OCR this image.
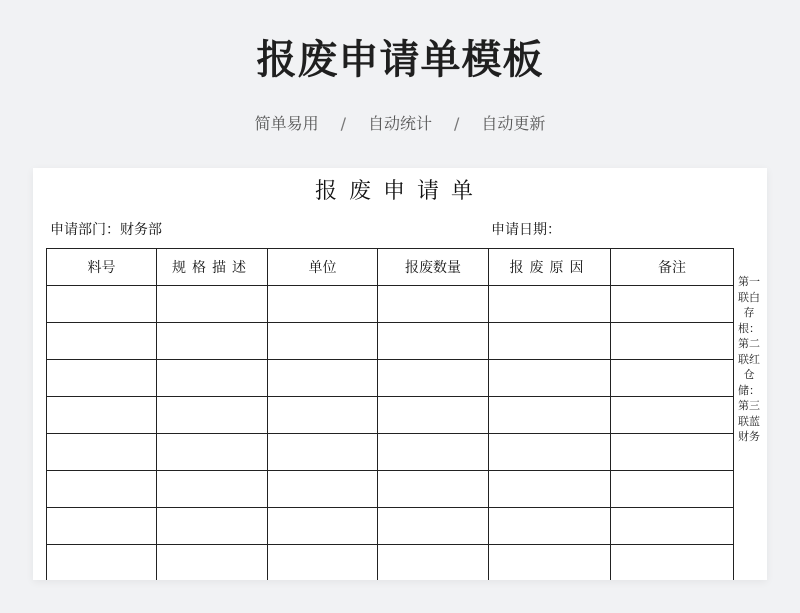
报废申请单模板
简单易用 / 自动统计 / 自动更新
报废申请单
申请部门：财务部	申请日期：
料号	规格描述	单位	报废数量	报废原因	备注

第一联白存根：第二联红仓储：第三联蓝财务
